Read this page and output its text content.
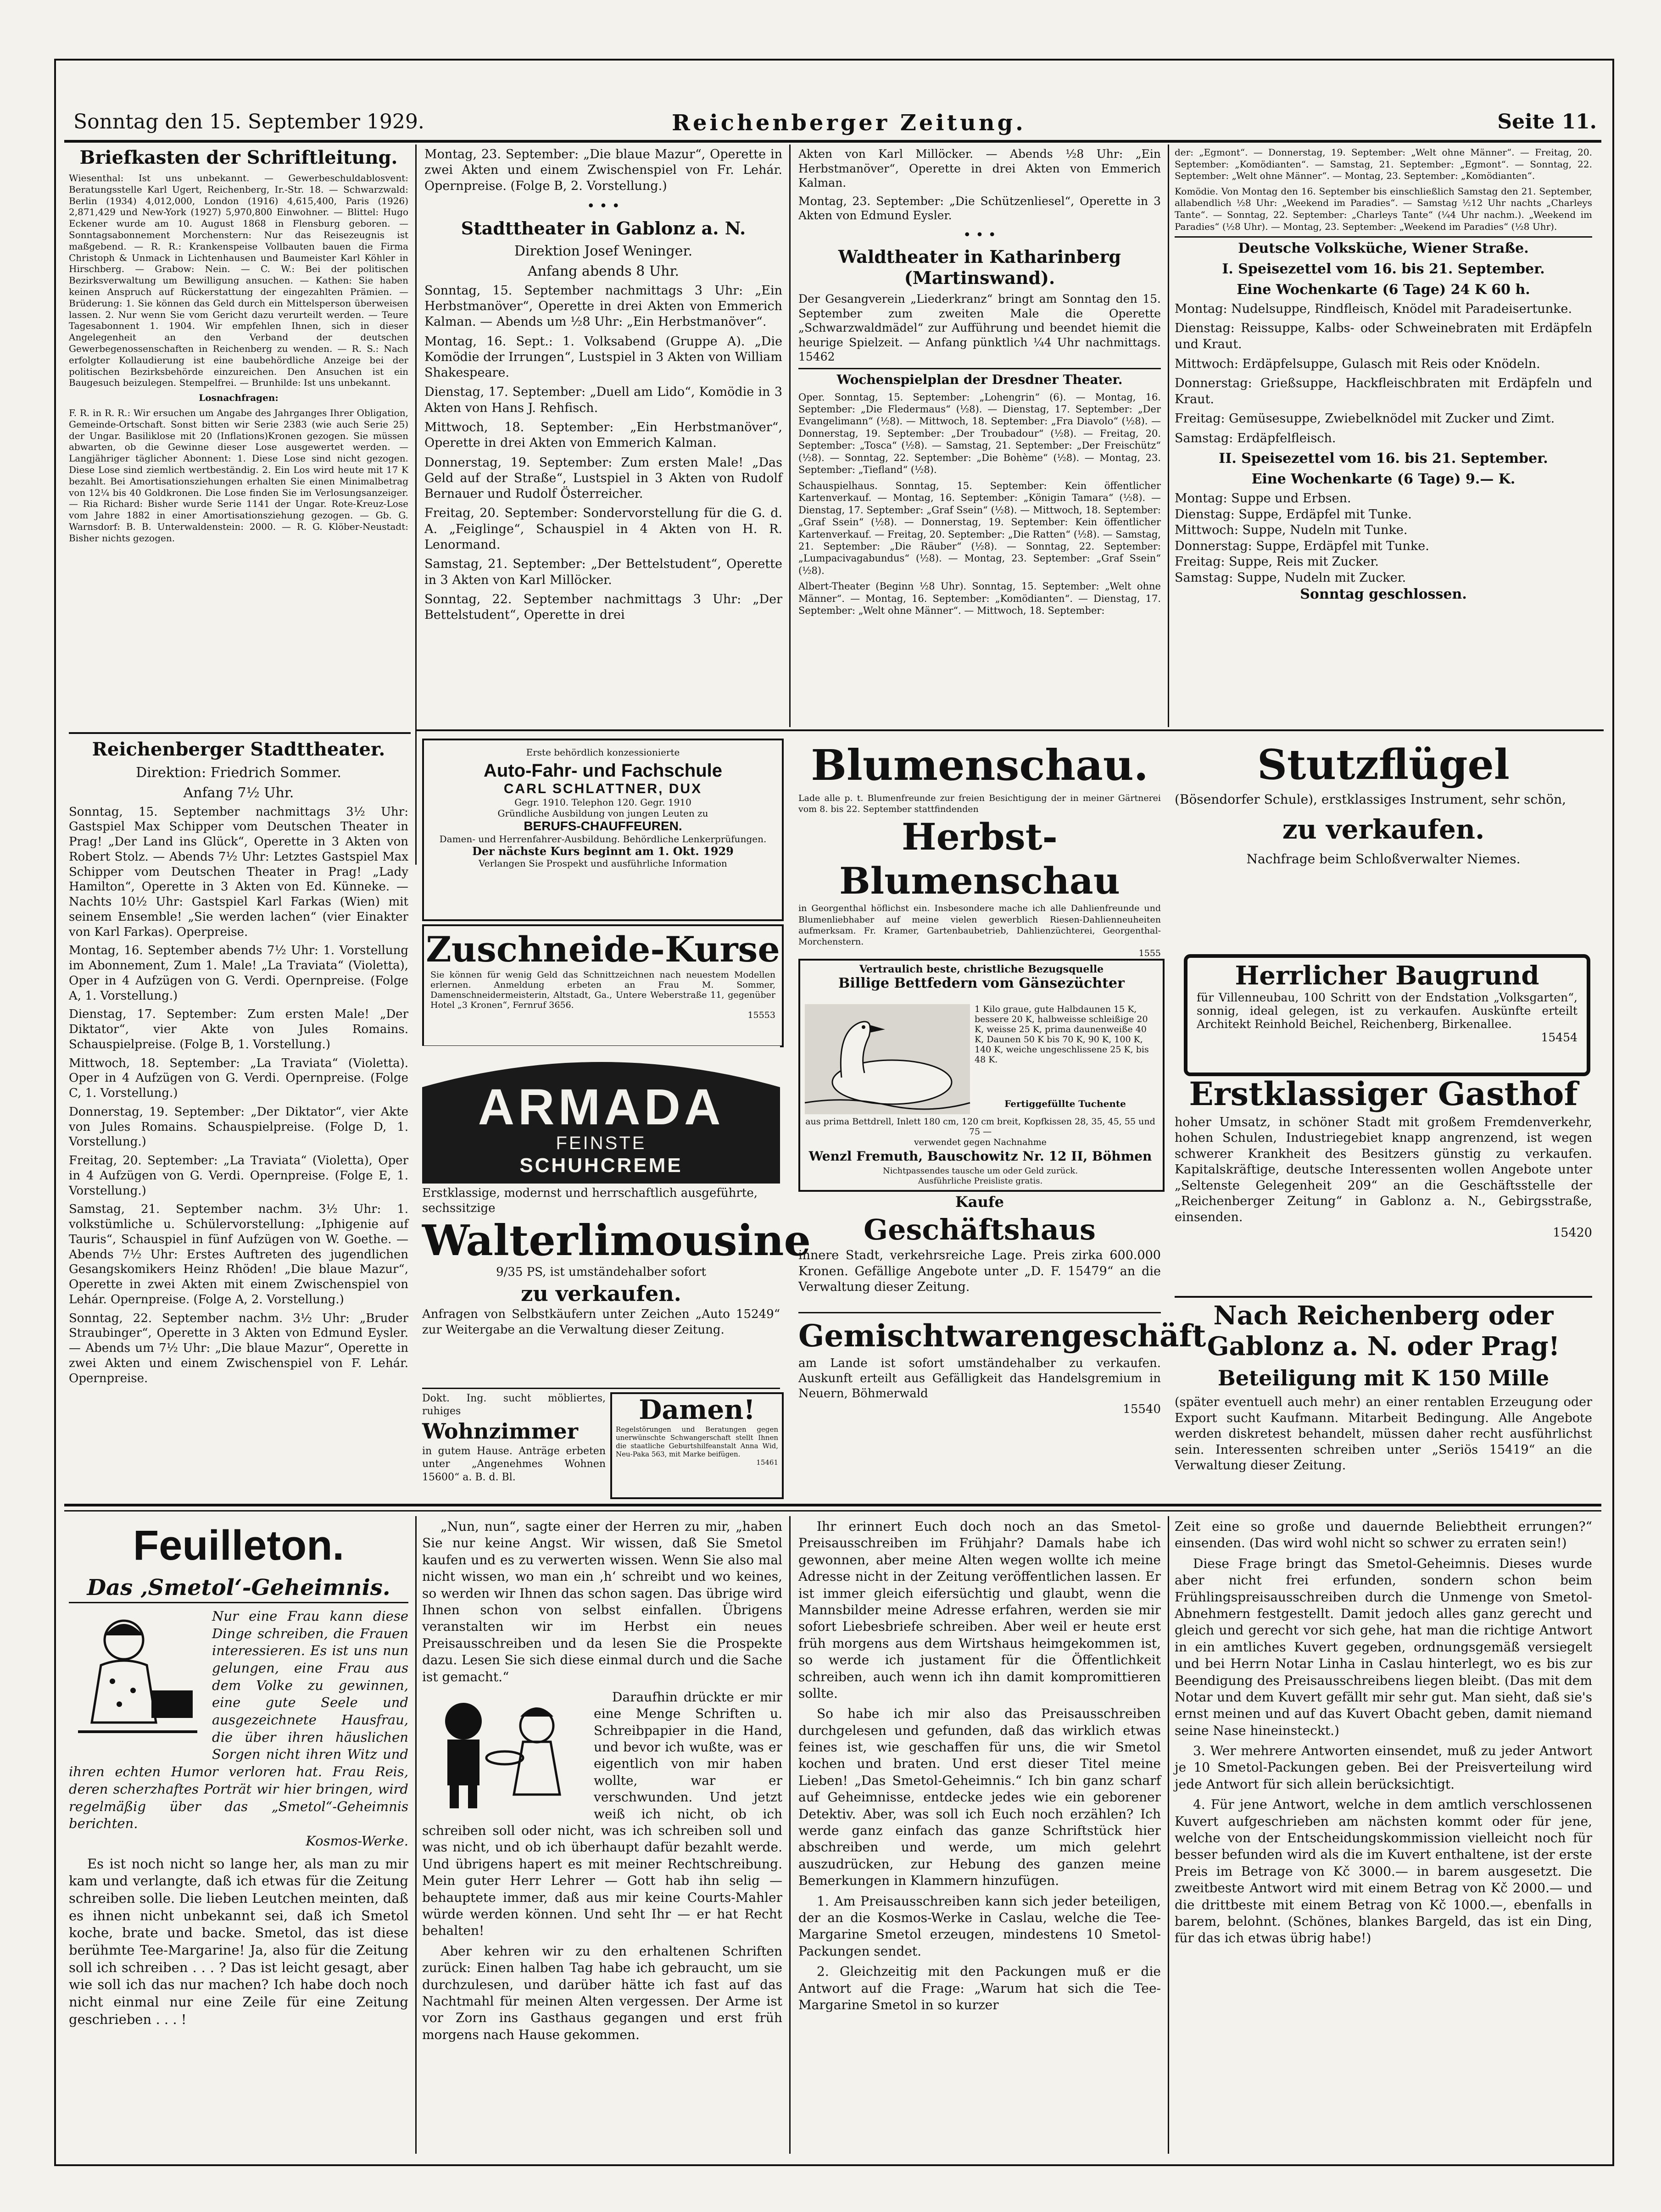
Sonntag den 15. September 1929.	Reichenberger Zeitung.	Seite 11.
Briefkasten der Schriftleitung.

Wiesenthal: Ist uns unbekannt. — Gewerbeschuldablosvent: Beratungsstelle Karl Ugert, Reichenberg, Ir.-Str. 18. — Schwarzwald: Berlin (1934) 4,012,000, London (1916) 4,615,400, Paris (1926) 2,871,429 und New-York (1927) 5,970,800 Einwohner. — Blittel: Hugo Eckener wurde am 10. August 1868 in Flensburg geboren. — Sonntagsabonnement Morchenstern: Nur das Reisezeugnis ist maßgebend. — R. R.: Krankenspeise Vollbauten bauen die Firma Christoph & Unmack in Lichtenhausen und Baumeister Karl Köhler in Hirschberg. — Grabow: Nein. — C. W.: Bei der politischen Bezirksverwaltung um Bewilligung ansuchen. — Kathen: Sie haben keinen Anspruch auf Rückerstattung der eingezahlten Prämien. — Brüderung: 1. Sie können das Geld durch ein Mittelsperson überweisen lassen. 2. Nur wenn Sie vom Gericht dazu verurteilt werden. — Teure Tagesabonnent 1. 1904. Wir empfehlen Ihnen, sich in dieser Angelegenheit an den Verband der deutschen Gewerbegenossenschaften in Reichenberg zu wenden. — R. S.: Nach erfolgter Kollaudierung ist eine baubehördliche Anzeige bei der politischen Bezirksbehörde einzureichen. Den Ansuchen ist ein Baugesuch beizulegen. Stempelfrei. — Brunhilde: Ist uns unbekannt.

Losnachfragen:

F. R. in R. R.: Wir ersuchen um Angabe des Jahrganges Ihrer Obligation, Gemeinde-Ortschaft. Sonst bitten wir Serie 2383 (wie auch Serie 25) der Ungar. Basiliklose mit 20 (Inflations)Kronen gezogen. Sie müssen abwarten, ob die Gewinne dieser Lose ausgewertet werden. — Langjähriger täglicher Abonnent: 1. Diese Lose sind nicht gezogen. Diese Lose sind ziemlich wertbeständig. 2. Ein Los wird heute mit 17 K bezahlt. Bei Amortisationsziehungen erhalten Sie einen Minimalbetrag von 12¼ bis 40 Goldkronen. Die Lose finden Sie im Verlosungsanzeiger. — Ria Richard: Bisher wurde Serie 1141 der Ungar. Rote-Kreuz-Lose vom Jahre 1882 in einer Amortisationsziehung gezogen. — Gb. G. Warnsdorf: B. B. Unterwaldenstein: 2000. — R. G. Klöber-Neustadt: Bisher nichts gezogen.

Reichenberger Stadttheater.
Direktion: Friedrich Sommer.
Anfang 7½ Uhr.

Sonntag, 15. September nachmittags 3½ Uhr: Gastspiel Max Schipper vom Deutschen Theater in Prag! „Der Land ins Glück“, Operette in 3 Akten von Robert Stolz. — Abends 7½ Uhr: Letztes Gastspiel Max Schipper vom Deutschen Theater in Prag! „Lady Hamilton“, Operette in 3 Akten von Ed. Künneke. — Nachts 10½ Uhr: Gastspiel Karl Farkas (Wien) mit seinem Ensemble! „Sie werden lachen“ (vier Einakter von Karl Farkas). Operpreise.

Montag, 16. September abends 7½ Uhr: 1. Vorstellung im Abonnement, Zum 1. Male! „La Traviata“ (Violetta), Oper in 4 Aufzügen von G. Verdi. Opernpreise. (Folge A, 1. Vorstellung.)

Dienstag, 17. September: Zum ersten Male! „Der Diktator“, vier Akte von Jules Romains. Schauspielpreise. (Folge B, 1. Vorstellung.)

Mittwoch, 18. September: „La Traviata“ (Violetta). Oper in 4 Aufzügen von G. Verdi. Opernpreise. (Folge C, 1. Vorstellung.)

Donnerstag, 19. September: „Der Diktator“, vier Akte von Jules Romains. Schauspielpreise. (Folge D, 1. Vorstellung.)

Freitag, 20. September: „La Traviata“ (Violetta), Oper in 4 Aufzügen von G. Verdi. Opernpreise. (Folge E, 1. Vorstellung.)

Samstag, 21. September nachm. 3½ Uhr: 1. volkstümliche u. Schülervorstellung: „Iphigenie auf Tauris“, Schauspiel in fünf Aufzügen von W. Goethe. — Abends 7½ Uhr: Erstes Auftreten des jugendlichen Gesangskomikers Heinz Rhöden! „Die blaue Mazur“, Operette in zwei Akten mit einem Zwischenspiel von Lehár. Opernpreise. (Folge A, 2. Vorstellung.)

Sonntag, 22. September nachm. 3½ Uhr: „Bruder Straubinger“, Operette in 3 Akten von Edmund Eysler. — Abends um 7½ Uhr: „Die blaue Mazur“, Operette in zwei Akten und einem Zwischenspiel von F. Lehár. Opernpreise.

Montag, 23. September: „Die blaue Mazur“, Operette in zwei Akten und einem Zwischenspiel von Fr. Lehár. Opernpreise. (Folge B, 2. Vorstellung.)

• • •
Stadttheater in Gablonz a. N.
Direktion Josef Weninger.
Anfang abends 8 Uhr.

Sonntag, 15. September nachmittags 3 Uhr: „Ein Herbstmanöver“, Operette in drei Akten von Emmerich Kalman. — Abends um ½8 Uhr: „Ein Herbstmanöver“.

Montag, 16. Sept.: 1. Volksabend (Gruppe A). „Die Komödie der Irrungen“, Lustspiel in 3 Akten von William Shakespeare.

Dienstag, 17. September: „Duell am Lido“, Komödie in 3 Akten von Hans J. Rehfisch.

Mittwoch, 18. September: „Ein Herbstmanöver“, Operette in drei Akten von Emmerich Kalman.

Donnerstag, 19. September: Zum ersten Male! „Das Geld auf der Straße“, Lustspiel in 3 Akten von Rudolf Bernauer und Rudolf Österreicher.

Freitag, 20. September: Sondervorstellung für die G. d. A. „Feiglinge“, Schauspiel in 4 Akten von H. R. Lenormand.

Samstag, 21. September: „Der Bettelstudent“, Operette in 3 Akten von Karl Millöcker.

Sonntag, 22. September nachmittags 3 Uhr: „Der Bettelstudent“, Operette in drei

Akten von Karl Millöcker. — Abends ½8 Uhr: „Ein Herbstmanöver“, Operette in drei Akten von Emmerich Kalman.

Montag, 23. September: „Die Schützenliesel“, Operette in 3 Akten von Edmund Eysler.

• • •
Waldtheater in Katharinberg (Martinswand).

Der Gesangverein „Liederkranz“ bringt am Sonntag den 15. September zum zweiten Male die Operette „Schwarzwaldmädel“ zur Aufführung und beendet hiemit die heurige Spielzeit. — Anfang pünktlich ¼4 Uhr nachmittags. 15462

Wochenspielplan der Dresdner Theater.

Oper. Sonntag, 15. September: „Lohengrin“ (6). — Montag, 16. September: „Die Fledermaus“ (½8). — Dienstag, 17. September: „Der Evangelimann“ (½8). — Mittwoch, 18. September: „Fra Diavolo“ (½8). — Donnerstag, 19. September: „Der Troubadour“ (½8). — Freitag, 20. September: „Tosca“ (½8). — Samstag, 21. September: „Der Freischütz“ (½8). — Sonntag, 22. September: „Die Bohème“ (½8). — Montag, 23. September: „Tiefland“ (½8).

Schauspielhaus. Sonntag, 15. September: Kein öffentlicher Kartenverkauf. — Montag, 16. September: „Königin Tamara“ (½8). — Dienstag, 17. September: „Graf Ssein“ (½8). — Mittwoch, 18. September: „Graf Ssein“ (½8). — Donnerstag, 19. September: Kein öffentlicher Kartenverkauf. — Freitag, 20. September: „Die Ratten“ (½8). — Samstag, 21. September: „Die Räuber“ (½8). — Sonntag, 22. September: „Lumpacivagabundus“ (½8). — Montag, 23. September: „Graf Ssein“ (½8).

Albert-Theater (Beginn ½8 Uhr). Sonntag, 15. September: „Welt ohne Männer“. — Montag, 16. September: „Komödianten“. — Dienstag, 17. September: „Welt ohne Männer“. — Mittwoch, 18. September:

der: „Egmont“. — Donnerstag, 19. September: „Welt ohne Männer“. — Freitag, 20. September: „Komödianten“. — Samstag, 21. September: „Egmont“. — Sonntag, 22. September: „Welt ohne Männer“. — Montag, 23. September: „Komödianten“.

Komödie. Von Montag den 16. September bis einschließlich Samstag den 21. September, allabendlich ½8 Uhr: „Weekend im Paradies“. — Samstag ½12 Uhr nachts „Charleys Tante“. — Sonntag, 22. September: „Charleys Tante“ (¼4 Uhr nachm.). „Weekend im Paradies“ (½8 Uhr). — Montag, 23. September: „Weekend im Paradies“ (½8 Uhr).

Deutsche Volksküche, Wiener Straße.
I. Speisezettel vom 16. bis 21. September.
Eine Wochenkarte (6 Tage) 24 K 60 h.

Montag: Nudelsuppe, Rindfleisch, Knödel mit Paradeisertunke.

Dienstag: Reissuppe, Kalbs- oder Schweinebraten mit Erdäpfeln und Kraut.

Mittwoch: Erdäpfelsuppe, Gulasch mit Reis oder Knödeln.

Donnerstag: Grießsuppe, Hackfleischbraten mit Erdäpfeln und Kraut.

Freitag: Gemüsesuppe, Zwiebelknödel mit Zucker und Zimt.

Samstag: Erdäpfelfleisch.

II. Speisezettel vom 16. bis 21. September.
Eine Wochenkarte (6 Tage) 9.— K.

Montag: Suppe und Erbsen.

Dienstag: Suppe, Erdäpfel mit Tunke.

Mittwoch: Suppe, Nudeln mit Tunke.

Donnerstag: Suppe, Erdäpfel mit Tunke.

Freitag: Suppe, Reis mit Zucker.

Samstag: Suppe, Nudeln mit Zucker.

Sonntag geschlossen.
Erste behördlich konzessionierte
Auto-Fahr- und Fachschule
CARL SCHLATTNER, DUX
Gegr. 1910. Telephon 120. Gegr. 1910
Gründliche Ausbildung von jungen Leuten zu
BERUFS-CHAUFFEUREN.
Damen- und Herrenfahrer-Ausbildung. Behördliche Lenkerprüfungen.
Der nächste Kurs beginnt am 1. Okt. 1929
Verlangen Sie Prospekt und ausführliche Information
Zuschneide-Kurse
Sie können für wenig Geld das Schnittzeichnen nach neuestem Modellen erlernen. Anmeldung erbeten an Frau M. Sommer, Damenschneidermeisterin, Altstadt, Ga., Untere Weberstraße 11, gegenüber Hotel „3 Kronen“, Fernruf 3656.
15553
ARMADA
FEINSTE
SCHUHCREME
Erstklassige, modernst und herrschaftlich ausgeführte, sechssitzige
Walterlimousine
9/35 PS, ist umständehalber sofort
zu verkaufen.
Anfragen von Selbstkäufern unter Zeichen „Auto 15249“ zur Weitergabe an die Verwaltung dieser Zeitung.
Dokt. Ing. sucht möbliertes, ruhiges
Wohnzimmer
in gutem Hause. Anträge erbeten unter „Angenehmes Wohnen 15600“ a. B. d. Bl.
Damen!
Regelstörungen und Beratungen gegen unerwünschte Schwangerschaft stellt Ihnen die staatliche Geburtshilfeanstalt Anna Wid, Neu-Paka 563, mit Marke beifügen.
15461
Blumenschau.
Lade alle p. t. Blumenfreunde zur freien Besichtigung der in meiner Gärtnerei vom 8. bis 22. September stattfindenden
Herbst-Blumenschau
in Georgenthal höflichst ein. Insbesondere mache ich alle Dahlienfreunde und Blumenliebhaber auf meine vielen gewerblich Riesen-Dahlienneuheiten aufmerksam. Fr. Kramer, Gartenbaubetrieb, Dahlienzüchterei, Georgenthal-Morchenstern.
1555
Vertraulich beste, christliche Bezugsquelle
Billige Bettfedern vom Gänsezüchter
1 Kilo graue, gute Halbdaunen 15 K, bessere 20 K, halbweisse schleißige 20 K, weisse 25 K, prima daunenweiße 40 K, Daunen 50 K bis 70 K, 90 K, 100 K, 140 K, weiche ungeschlissene 25 K, bis 48 K.
Fertiggefüllte Tuchente
aus prima Bettdrell, Inlett 180 cm, 120 cm breit, Kopfkissen 28, 35, 45, 55 und 75 —
verwendet gegen Nachnahme
Wenzl Fremuth, Bauschowitz Nr. 12 II, Böhmen
Nichtpassendes tausche um oder Geld zurück.
Ausführliche Preisliste gratis.
Kaufe
Geschäftshaus
innere Stadt, verkehrsreiche Lage. Preis zirka 600.000 Kronen. Gefällige Angebote unter „D. F. 15479“ an die Verwaltung dieser Zeitung.
Gemischtwarengeschäft
am Lande ist sofort umständehalber zu verkaufen. Auskunft erteilt aus Gefälligkeit das Handelsgremium in Neuern, Böhmerwald
15540
Stutzflügel
(Bösendorfer Schule), erstklassiges Instrument, sehr schön,
zu verkaufen.
Nachfrage beim Schloßverwalter Niemes.
Herrlicher Baugrund
für Villenneubau, 100 Schritt von der Endstation „Volksgarten“, sonnig, ideal gelegen, ist zu verkaufen. Auskünfte erteilt Architekt Reinhold Beichel, Reichenberg, Birkenallee.
15454
Erstklassiger Gasthof
hoher Umsatz, in schöner Stadt mit großem Fremdenverkehr, hohen Schulen, Industriegebiet knapp angrenzend, ist wegen schwerer Krankheit des Besitzers günstig zu verkaufen. Kapitalskräftige, deutsche Interessenten wollen Angebote unter „Seltenste Gelegenheit 209“ an die Geschäftsstelle der „Reichenberger Zeitung“ in Gablonz a. N., Gebirgsstraße, einsenden.
15420
Nach Reichenberg oder Gablonz a. N. oder Prag!
Beteiligung mit K 150 Mille
(später eventuell auch mehr) an einer rentablen Erzeugung oder Export sucht Kaufmann. Mitarbeit Bedingung. Alle Angebote werden diskretest behandelt, müssen daher recht ausführlichst sein. Interessenten schreiben unter „Seriös 15419“ an die Verwaltung dieser Zeitung.
Feuilleton.
Das ‚Smetol‘-Geheimnis.
Nur eine Frau kann diese Dinge schreiben, die Frauen interessieren. Es ist uns nun gelungen, eine Frau aus dem Volke zu gewinnen, eine gute Seele und ausgezeichnete Hausfrau, die über ihren häuslichen Sorgen nicht ihren Witz und ihren echten Humor verloren hat. Frau Reis, deren scherzhaftes Porträt wir hier bringen, wird regelmäßig über das „Smetol“-Geheimnis berichten.
Kosmos-Werke.

Es ist noch nicht so lange her, als man zu mir kam und verlangte, daß ich etwas für die Zeitung schreiben solle. Die lieben Leutchen meinten, daß es ihnen nicht unbekannt sei, daß ich Smetol koche, brate und backe. Smetol, das ist diese berühmte Tee-Margarine! Ja, also für die Zeitung soll ich schreiben . . . ? Das ist leicht gesagt, aber wie soll ich das nur machen? Ich habe doch noch nicht einmal nur eine Zeile für eine Zeitung geschrieben . . . !

„Nun, nun“, sagte einer der Herren zu mir, „haben Sie nur keine Angst. Wir wissen, daß Sie Smetol kaufen und es zu verwerten wissen. Wenn Sie also mal nicht wissen, wo man ein ‚h‘ schreibt und wo keines, so werden wir Ihnen das schon sagen. Das übrige wird Ihnen schon von selbst einfallen. Übrigens veranstalten wir im Herbst ein neues Preisausschreiben und da lesen Sie die Prospekte dazu. Lesen Sie sich diese einmal durch und die Sache ist gemacht.“

Daraufhin drückte er mir eine Menge Schriften u. Schreibpapier in die Hand, und bevor ich wußte, was er eigentlich von mir haben wollte, war er verschwunden. Und jetzt weiß ich nicht, ob ich schreiben soll oder nicht, was ich schreiben soll und was nicht, und ob ich überhaupt dafür bezahlt werde. Und übrigens hapert es mit meiner Rechtschreibung. Mein guter Herr Lehrer — Gott hab ihn selig — behauptete immer, daß aus mir keine Courts-Mahler würde werden können. Und seht Ihr — er hat Recht behalten!

Aber kehren wir zu den erhaltenen Schriften zurück: Einen halben Tag habe ich gebraucht, um sie durchzulesen, und darüber hätte ich fast auf das Nachtmahl für meinen Alten vergessen. Der Arme ist vor Zorn ins Gasthaus gegangen und erst früh morgens nach Hause gekommen.

Ihr erinnert Euch doch noch an das Smetol-Preisausschreiben im Frühjahr? Damals habe ich gewonnen, aber meine Alten wegen wollte ich meine Adresse nicht in der Zeitung veröffentlichen lassen. Er ist immer gleich eifersüchtig und glaubt, wenn die Mannsbilder meine Adresse erfahren, werden sie mir sofort Liebesbriefe schreiben. Aber weil er heute erst früh morgens aus dem Wirtshaus heimgekommen ist, so werde ich justament für die Öffentlichkeit schreiben, auch wenn ich ihn damit kompromittieren sollte.

So habe ich mir also das Preisausschreiben durchgelesen und gefunden, daß das wirklich etwas feines ist, wie geschaffen für uns, die wir Smetol kochen und braten. Und erst dieser Titel meine Lieben! „Das Smetol-Geheimnis.“ Ich bin ganz scharf auf Geheimnisse, entdecke jedes wie ein geborener Detektiv. Aber, was soll ich Euch noch erzählen? Ich werde ganz einfach das ganze Schriftstück hier abschreiben und werde, um mich gelehrt auszudrücken, zur Hebung des ganzen meine Bemerkungen in Klammern hinzufügen.

1. Am Preisausschreiben kann sich jeder beteiligen, der an die Kosmos-Werke in Caslau, welche die Tee-Margarine Smetol erzeugen, mindestens 10 Smetol-Packungen sendet.

2. Gleichzeitig mit den Packungen muß er die Antwort auf die Frage: „Warum hat sich die Tee-Margarine Smetol in so kurzer

Zeit eine so große und dauernde Beliebtheit errungen?“ einsenden. (Das wird wohl nicht so schwer zu erraten sein!)

Diese Frage bringt das Smetol-Geheimnis. Dieses wurde aber nicht frei erfunden, sondern schon beim Frühlingspreisausschreiben durch die Unmenge von Smetol-Abnehmern festgestellt. Damit jedoch alles ganz gerecht und gleich und gerecht vor sich gehe, hat man die richtige Antwort in ein amtliches Kuvert gegeben, ordnungsgemäß versiegelt und bei Herrn Notar Linha in Caslau hinterlegt, wo es bis zur Beendigung des Preisausschreibens liegen bleibt. (Das mit dem Notar und dem Kuvert gefällt mir sehr gut. Man sieht, daß sie's ernst meinen und auf das Kuvert Obacht geben, damit niemand seine Nase hineinsteckt.)

3. Wer mehrere Antworten einsendet, muß zu jeder Antwort je 10 Smetol-Packungen geben. Bei der Preisverteilung wird jede Antwort für sich allein berücksichtigt.

4. Für jene Antwort, welche in dem amtlich verschlossenen Kuvert aufgeschrieben am nächsten kommt oder für jene, welche von der Entscheidungskommission vielleicht noch für besser befunden wird als die im Kuvert enthaltene, ist der erste Preis im Betrage von Kč 3000.— in barem ausgesetzt. Die zweitbeste Antwort wird mit einem Betrag von Kč 2000.— und die drittbeste mit einem Betrag von Kč 1000.—, ebenfalls in barem, belohnt. (Schönes, blankes Bargeld, das ist ein Ding, für das ich etwas übrig habe!)
